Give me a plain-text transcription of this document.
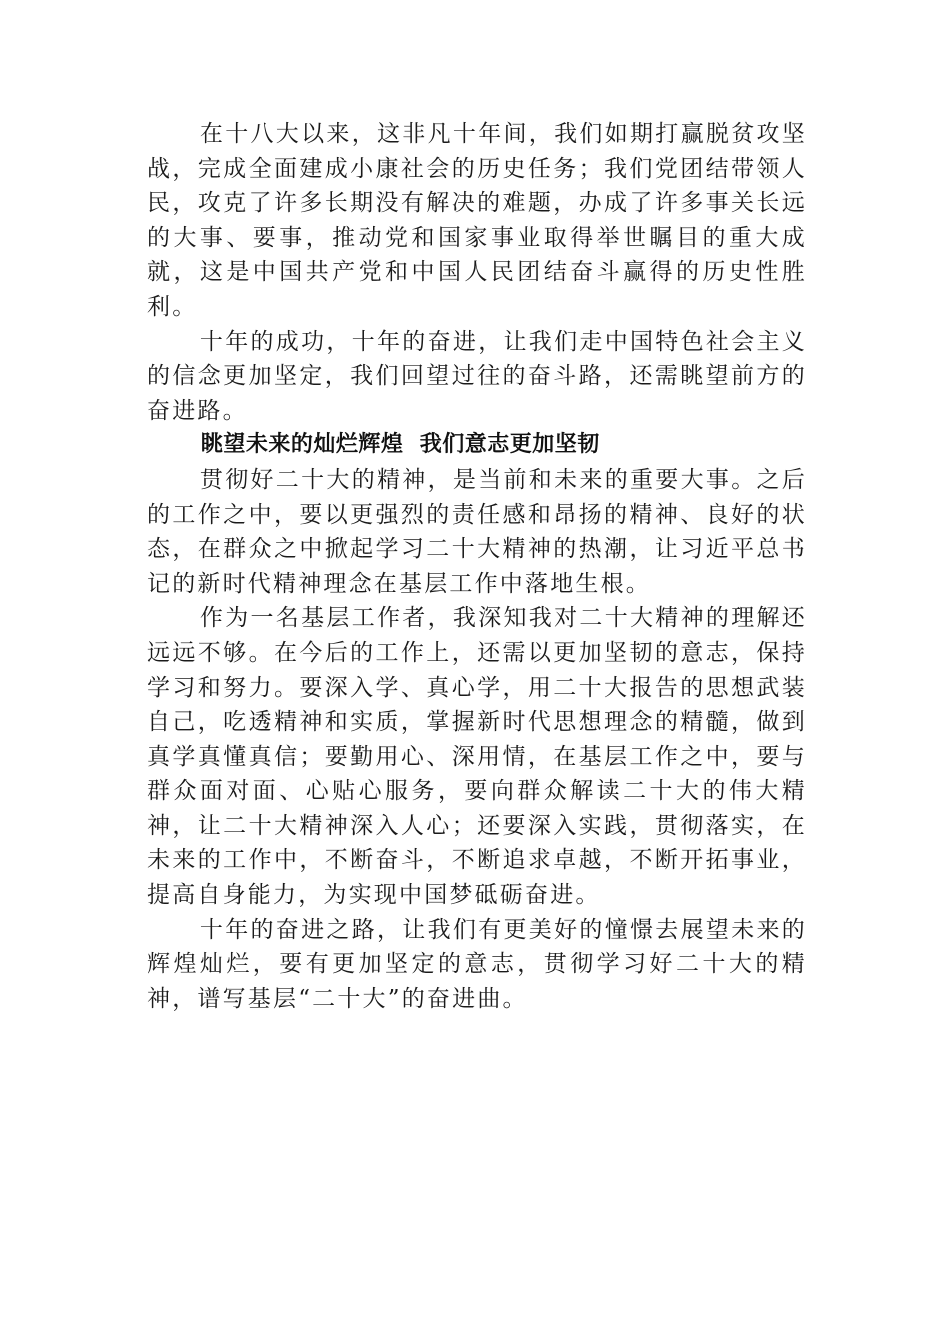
在十八大以来，这非凡十年间，我们如期打赢脱贫攻坚战，完成全面建成小康社会的历史任务；我们党团结带领人民，攻克了许多长期没有解决的难题，办成了许多事关长远的大事、要事，推动党和国家事业取得举世瞩目的重大成就，这是中国共产党和中国人民团结奋斗赢得的历史性胜利。

十年的成功，十年的奋进，让我们走中国特色社会主义的信念更加坚定，我们回望过往的奋斗路，还需眺望前方的奋进路。

眺望未来的灿烂辉煌  我们意志更加坚韧

贯彻好二十大的精神，是当前和未来的重要大事。之后的工作之中，要以更强烈的责任感和昂扬的精神、良好的状态，在群众之中掀起学习二十大精神的热潮，让习近平总书记的新时代精神理念在基层工作中落地生根。

作为一名基层工作者，我深知我对二十大精神的理解还远远不够。在今后的工作上，还需以更加坚韧的意志，保持学习和努力。要深入学、真心学，用二十大报告的思想武装自己，吃透精神和实质，掌握新时代思想理念的精髓，做到真学真懂真信；要勤用心、深用情，在基层工作之中，要与群众面对面、心贴心服务，要向群众解读二十大的伟大精神，让二十大精神深入人心；还要深入实践，贯彻落实，在未来的工作中，不断奋斗，不断追求卓越，不断开拓事业，提高自身能力，为实现中国梦砥砺奋进。

十年的奋进之路，让我们有更美好的憧憬去展望未来的辉煌灿烂，要有更加坚定的意志，贯彻学习好二十大的精神，谱写基层“二十大”的奋进曲。
